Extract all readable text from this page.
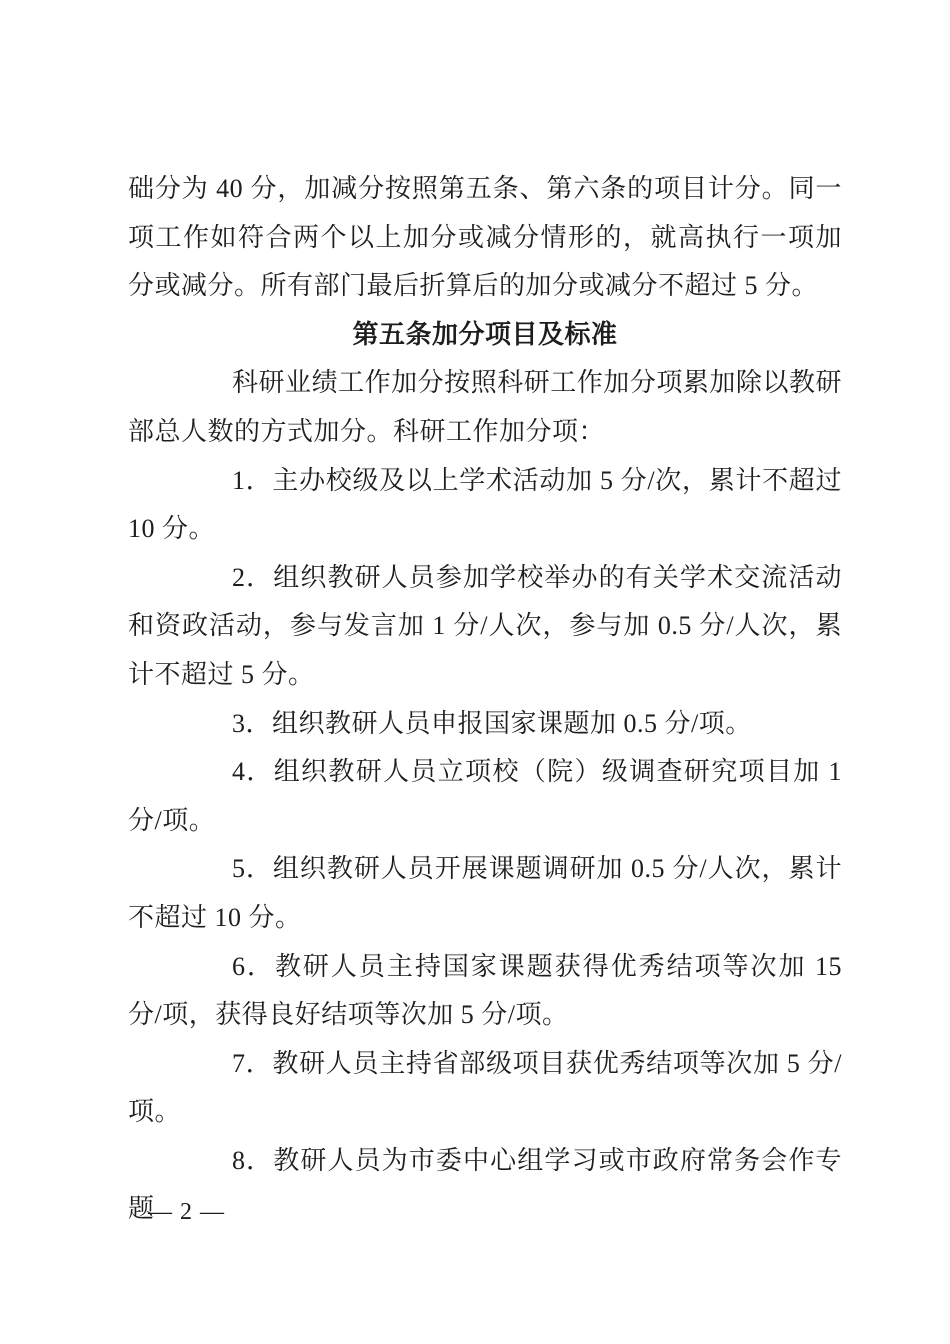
础分为 40 分，加减分按照第五条、第六条的项目计分。同一项工作如符合两个以上加分或减分情形的，就高执行一项加分或减分。所有部门最后折算后的加分或减分不超过 5 分。

第五条加分项目及标准

科研业绩工作加分按照科研工作加分项累加除以教研部总人数的方式加分。科研工作加分项：

1．主办校级及以上学术活动加 5 分/次，累计不超过 10 分。

2．组织教研人员参加学校举办的有关学术交流活动和资政活动，参与发言加 1 分/人次，参与加 0.5 分/人次，累计不超过 5 分。

3．组织教研人员申报国家课题加 0.5 分/项。

4．组织教研人员立项校（院）级调查研究项目加 1 分/项。

5．组织教研人员开展课题调研加 0.5 分/人次，累计不超过 10 分。

6．教研人员主持国家课题获得优秀结项等次加 15 分/项，获得良好结项等次加 5 分/项。

7．教研人员主持省部级项目获优秀结项等次加 5 分/项。

8．教研人员为市委中心组学习或市政府常务会作专题

— 2 —
